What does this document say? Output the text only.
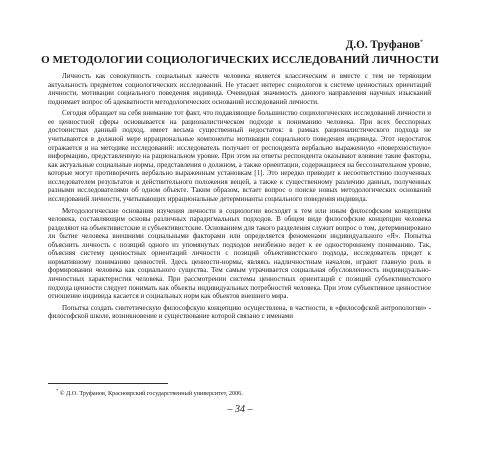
Д.О. Труфанов*
О МЕТОДОЛОГИИ СОЦИОЛОГИЧЕСКИХ ИССЛЕДОВАНИЙ ЛИЧНОСТИ

Личность как совокупность социальных качеств человека является классическим и вместе с тем не теряющим актуальность предметом социологических исследований. Не утасает интерес социологов к системе ценностных ориентаций личности, мотивации социального поведения индивида. Очевидная значимость данного направления научных изысканий поднимает вопрос об адекватности методологических оснований исследований личности.

Сегодня обращает на себя внимание тот факт, что подавляющее большинство социологических исследований личности и ее ценностной сферы основывается на рационалистическом подходе к пониманию человека. При всех бесспорных достоинствах данный подход, имеет весьма существенный недостаток: в рамках рационалистического подхода не учитываются в должной мере иррациональные компоненты мотивации социального поведения индивида. Этот недостаток отражается и на методике исследований: исследователь получает от респондента вербально выраженную «поверхностную» информацию, представленную на рациональном уровне. При этом на ответы респондента оказывают влияние такие факторы, как актуальные социальные нормы, представления о должном, а также ориентации, содержащиеся на бессознательном уровне, которые могут противоречить вербально выраженным установкам [1]. Это нередко приводит к несоответствию полученных исследователем результатов и действительного положения вещей, а также к существенному различию данных, полученных разными исследователями об одном объекте. Таким образом, встает вопрос о поиске новых методологических оснований исследований личности, учитывающих иррациональные детерминанты социального поведения индивида.

Методологические основания изучения личности в социологии восходят к тем или иным философским концепциям человека, составляющим основы различных парадигмальных подходов. В общем виде философские концепции человека разделяют на объективистские и субъективистские. Основанием для такого разделения служит вопрос о том, детерминировано ли бытие человека внешними социальными факторами или определяется феноменами индивидуального «Я». Попытка объяснить личность с позиций одного из упомянутых подходов неизбежно ведет к ее одностороннему пониманию. Так, объясняя систему ценностных ориентаций личности с позиций объективистского подхода, исследователь придет к нормативному пониманию ценностей. Здесь ценности-нормы, являясь надличностным началом, играют главную роль в формировании человека как социального существа. Тем самым утрачивается социальная обусловленность индивидуально-личностных характеристик человека. При рассмотрении системы ценностных ориентаций с позиций субъективистского подхода ценности следует понимать как объекты индивидуальных потребностей человека. При этом субъективное ценностное отношение индивида касается и социальных норм как объектов внешнего мира.

Попытка создать синтетическую философскую концепцию осуществлена, в частности, в «философской антропологии» - философской школе, возникновение и существование которой связано с именами

* © Д.О. Труфанов, Красноярский государственный университет, 2006.
– 34 –
